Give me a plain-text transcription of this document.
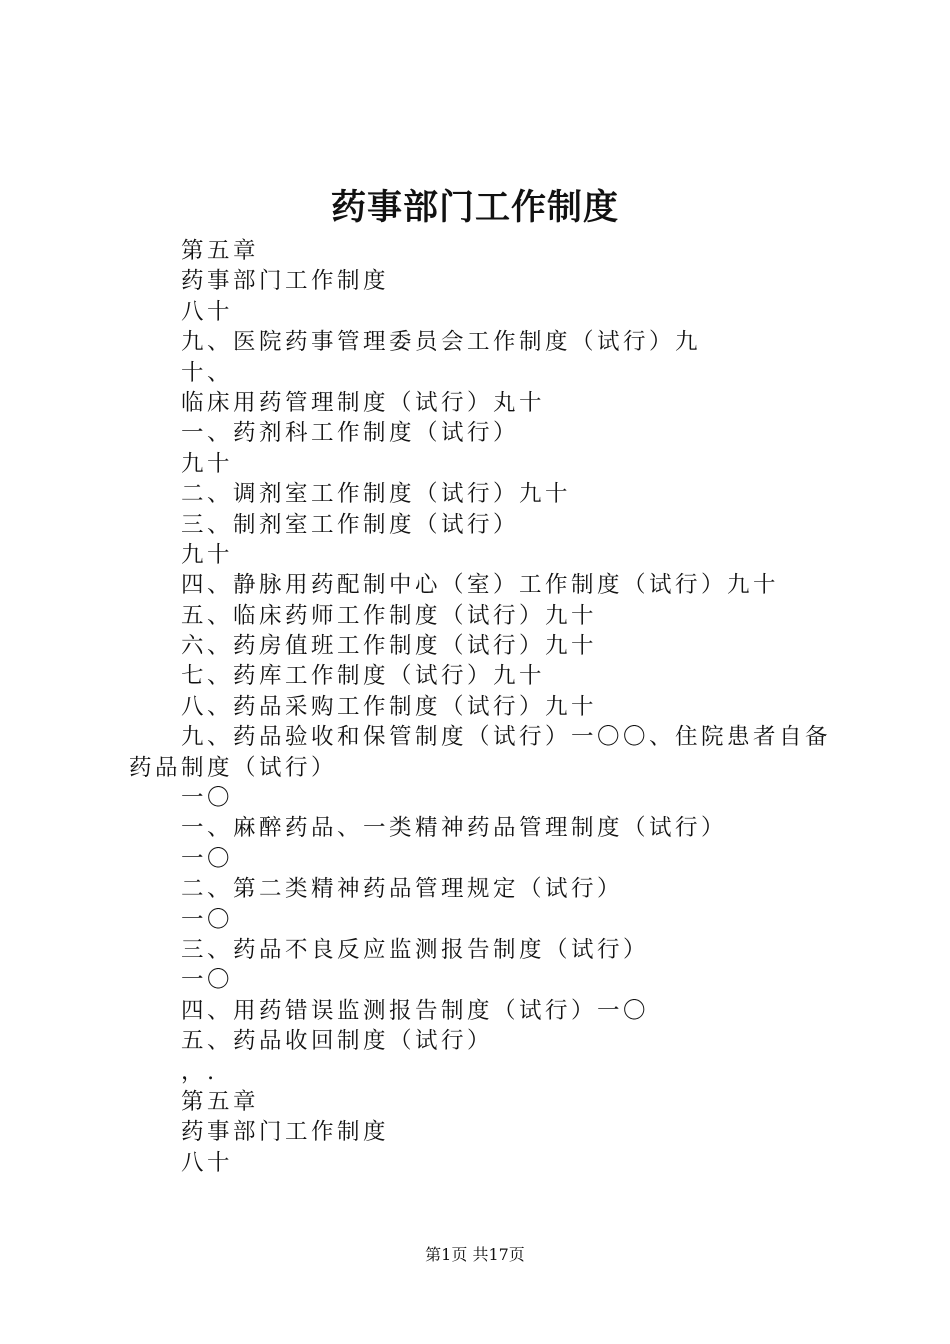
药事部门工作制度
第五章
药事部门工作制度
八十
九、医院药事管理委员会工作制度（试行）九
十、
临床用药管理制度（试行）丸十
一、药剂科工作制度（试行）
九十
二、调剂室工作制度（试行）九十
三、制剂室工作制度（试行）
九十
四、静脉用药配制中心（室）工作制度（试行）九十
五、临床药师工作制度（试行）九十
六、药房值班工作制度（试行）九十
七、药库工作制度（试行）九十
八、药品采购工作制度（试行）九十
九、药品验收和保管制度（试行）一〇〇、住院患者自备
药品制度（试行）
一〇
一、麻醉药品、一类精神药品管理制度（试行）
一〇
二、第二类精神药品管理规定（试行）
一〇
三、药品不良反应监测报告制度（试行）
一〇
四、用药错误监测报告制度（试行）一〇
五、药品收回制度（试行）
，.
第五章
药事部门工作制度
八十
第1页 共17页
